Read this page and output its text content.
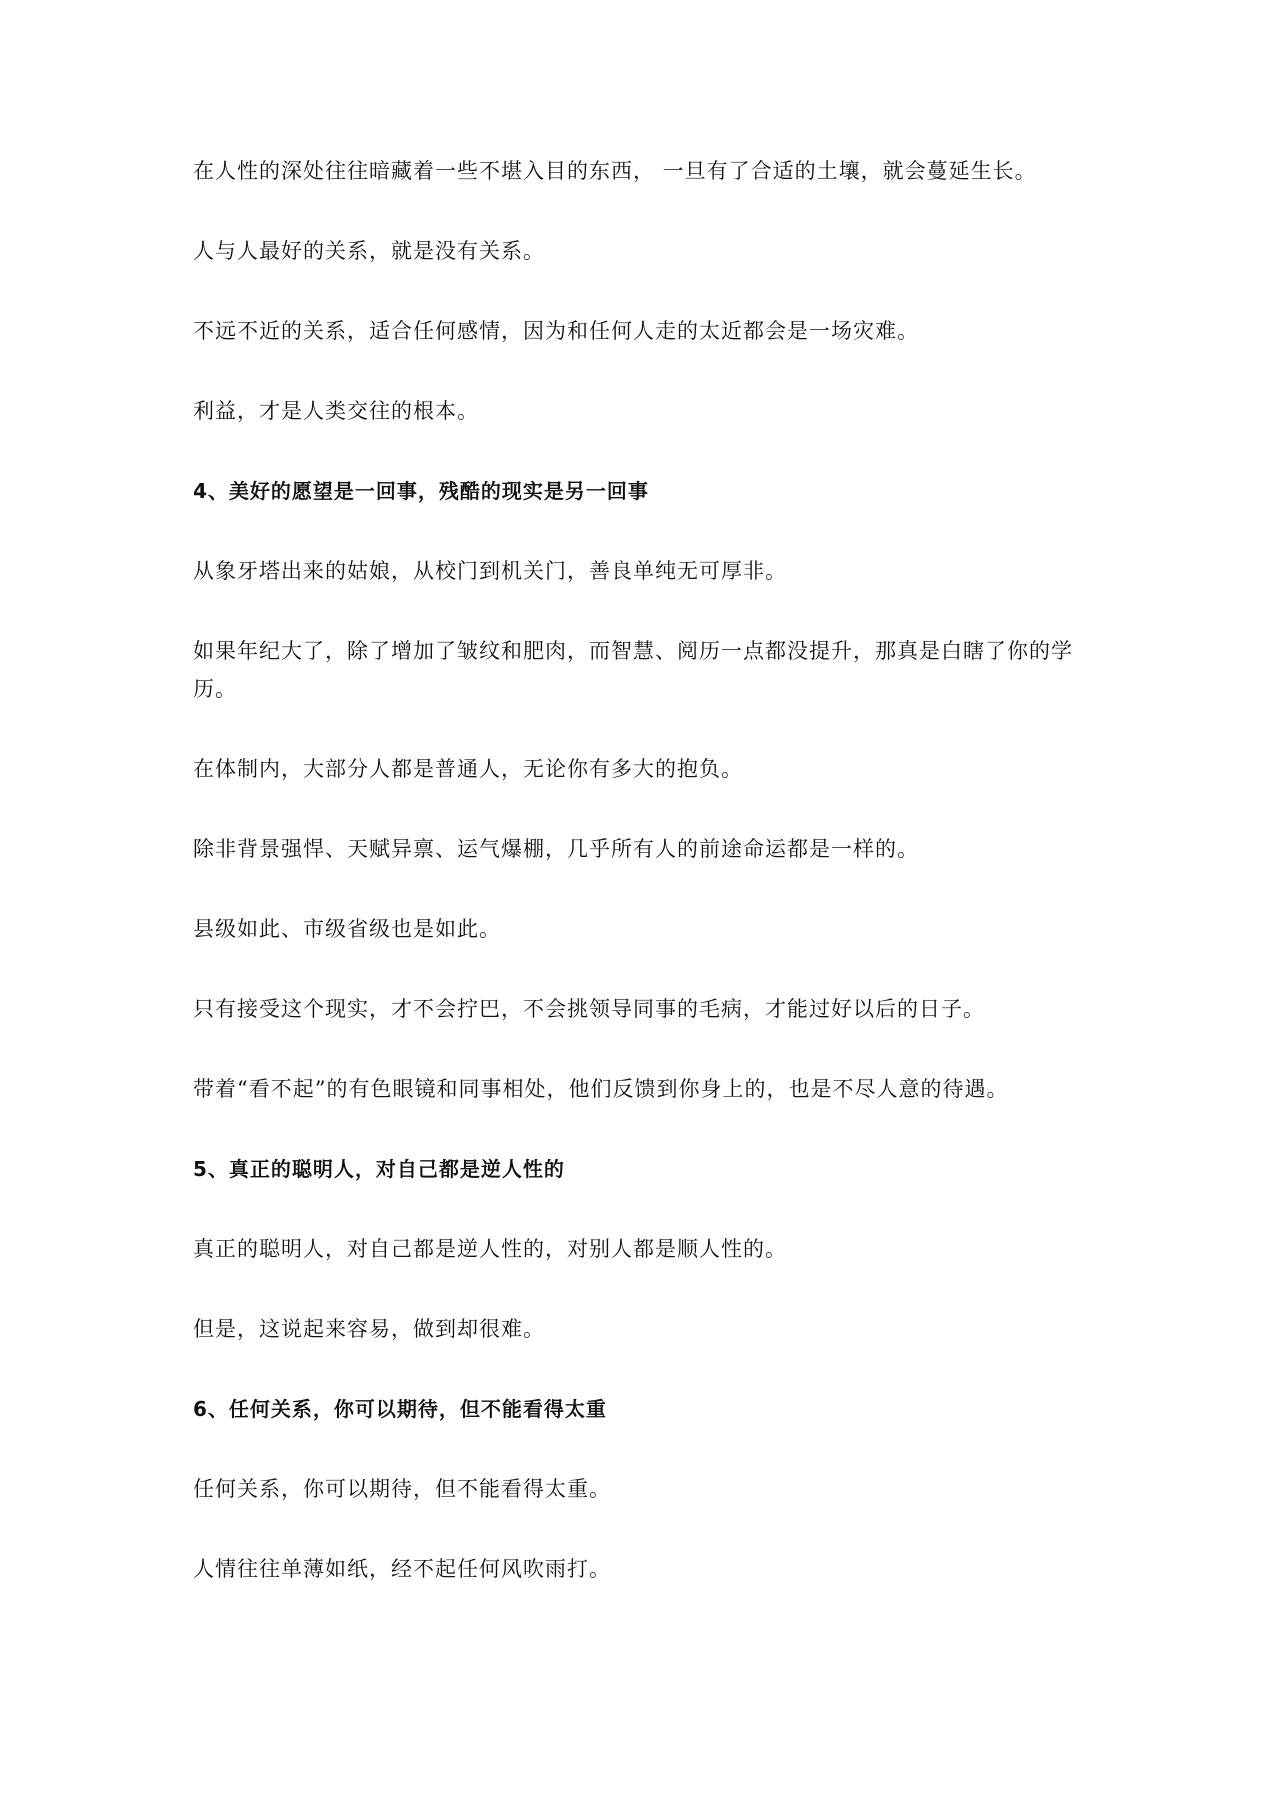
在人性的深处往往暗藏着一些不堪入目的东西， 一旦有了合适的土壤，就会蔓延生长。

人与人最好的关系，就是没有关系。

不远不近的关系，适合任何感情，因为和任何人走的太近都会是一场灾难。

利益，才是人类交往的根本。

4、美好的愿望是一回事，残酷的现实是另一回事

从象牙塔出来的姑娘，从校门到机关门，善良单纯无可厚非。

如果年纪大了，除了增加了皱纹和肥肉，而智慧、阅历一点都没提升，那真是白瞎了你的学历。

在体制内，大部分人都是普通人，无论你有多大的抱负。

除非背景强悍、天赋异禀、运气爆棚，几乎所有人的前途命运都是一样的。

县级如此、市级省级也是如此。

只有接受这个现实，才不会拧巴，不会挑领导同事的毛病，才能过好以后的日子。

带着“看不起”的有色眼镜和同事相处，他们反馈到你身上的，也是不尽人意的待遇。

5、真正的聪明人，对自己都是逆人性的

真正的聪明人，对自己都是逆人性的，对别人都是顺人性的。

但是，这说起来容易，做到却很难。

6、任何关系，你可以期待，但不能看得太重

任何关系，你可以期待，但不能看得太重。

人情往往单薄如纸，经不起任何风吹雨打。
